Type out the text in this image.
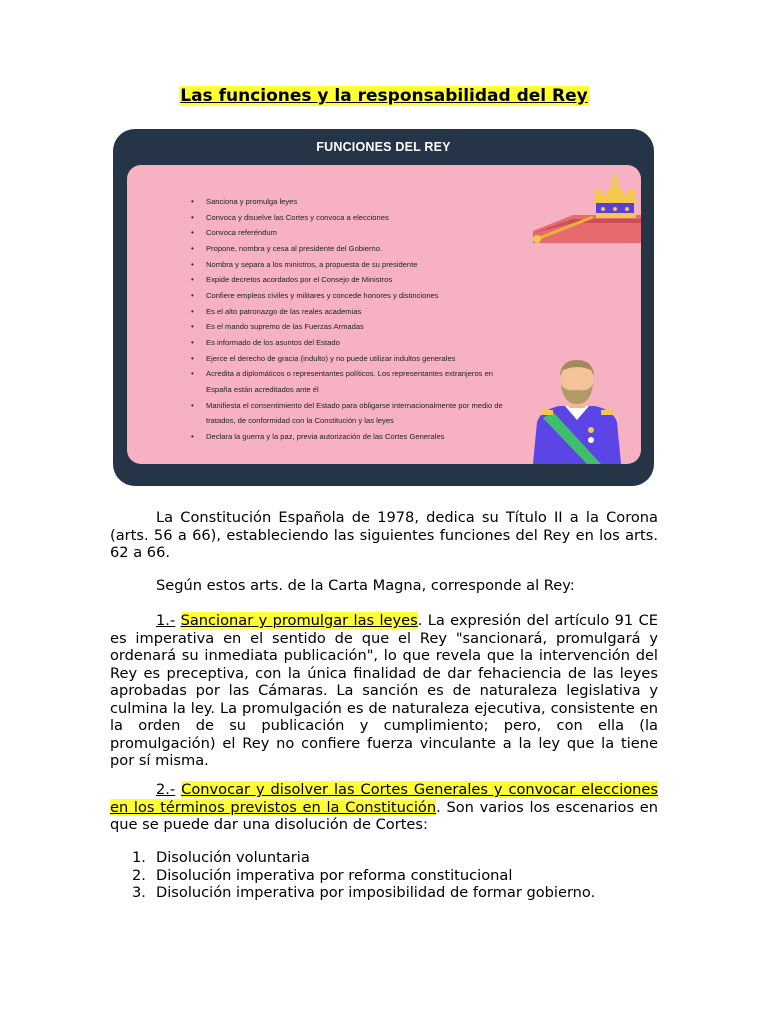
Las funciones y la responsabilidad del Rey
FUNCIONES DEL REY
• Sanciona y promulga leyes
• Convoca y disuelve las Cortes y convoca a elecciones
• Convoca referéndum
• Propone, nombra y cesa al presidente del Gobierno.
• Nombra y separa a los ministros, a propuesta de su presidente
• Expide decretos acordados por el Consejo de Ministros
• Confiere empleos civiles y militares y concede honores y distinciones
• Es el alto patronazgo de las reales academias
• Es el mando supremo de las Fuerzas Armadas
• Es informado de los asuntos del Estado
• Ejerce el derecho de gracia (indulto) y no puede utilizar indultos generales
• Acredita a diplomáticos o representantes políticos. Los representantes extranjeros en España están acreditados ante él
• Manifiesta el consentimiento del Estado para obligarse internacionalmente por medio de tratados, de conformidad con la Constitución y las leyes
• Declara la guerra y la paz, previa autorización de las Cortes Generales

La Constitución Española de 1978, dedica su Título II a la Corona (arts. 56 a 66), estableciendo las siguientes funciones del Rey en los arts. 62 a 66.

Según estos arts. de la Carta Magna, corresponde al Rey:

1.- Sancionar y promulgar las leyes. La expresión del artículo 91 CE es imperativa en el sentido de que el Rey "sancionará, promulgará y ordenará su inmediata publicación", lo que revela que la intervención del Rey es preceptiva, con la única finalidad de dar fehaciencia de las leyes aprobadas por las Cámaras. La sanción es de naturaleza legislativa y culmina la ley. La promulgación es de naturaleza ejecutiva, consistente en la orden de su publicación y cumplimiento; pero, con ella (la promulgación) el Rey no confiere fuerza vinculante a la ley que la tiene por sí misma.

2.- Convocar y disolver las Cortes Generales y convocar elecciones en los términos previstos en la Constitución. Son varios los escenarios en que se puede dar una disolución de Cortes:

1. Disolución voluntaria
2. Disolución imperativa por reforma constitucional
3. Disolución imperativa por imposibilidad de formar gobierno.
